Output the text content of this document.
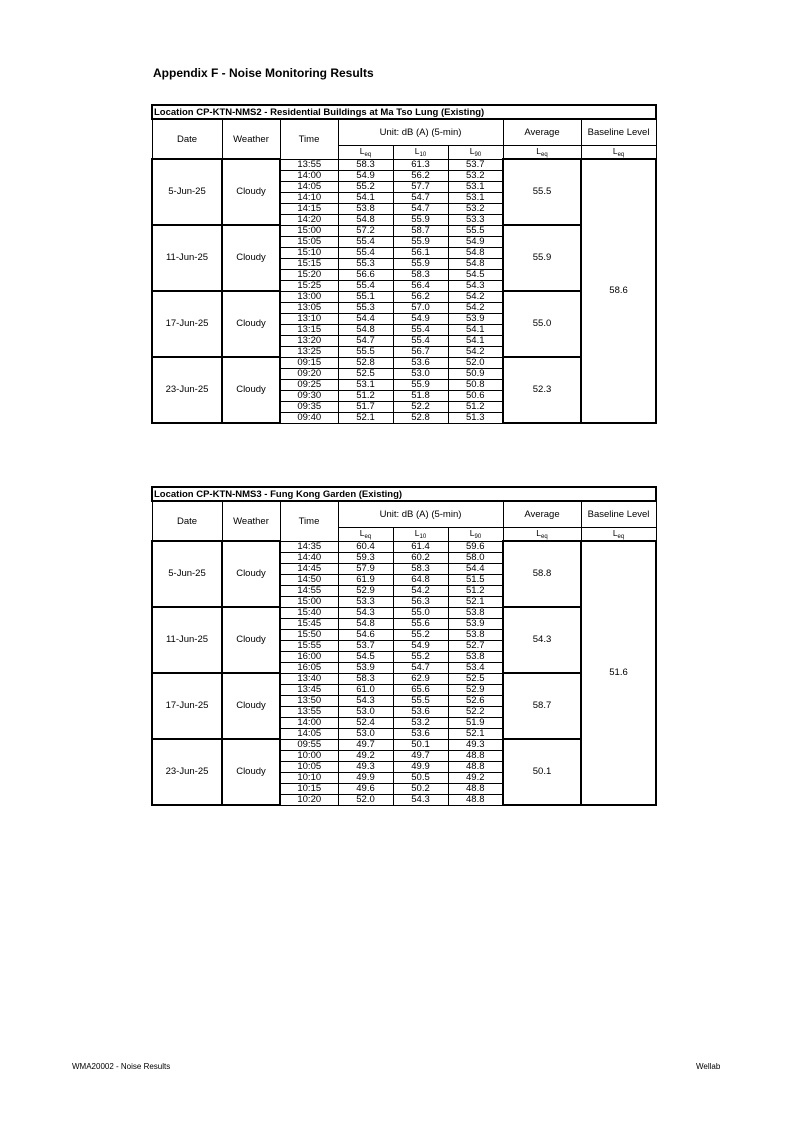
Appendix F - Noise Monitoring Results
Location CP-KTN-NMS2 - Residential Buildings at Ma Tso Lung (Existing)							
Date	Weather	Time	Unit: dB (A) (5-min)			Average	Baseline Level
			$L_{eq}$	$L_{10}$	$L_{90}$	$L_{eq}$	$L_{eq}$
5-Jun-25	Cloudy	13:55	58.3	61.3	53.7	55.5	58.6
		14:00	54.9	56.2	53.2		
		14:05	55.2	57.7	53.1		
		14:10	54.1	54.7	53.1		
		14:15	53.8	54.7	53.2		
		14:20	54.8	55.9	53.3		
11-Jun-25	Cloudy	15:00	57.2	58.7	55.5	55.9	
		15:05	55.4	55.9	54.9		
		15:10	55.4	56.1	54.8		
		15:15	55.3	55.9	54.8		
		15:20	56.6	58.3	54.5		
		15:25	55.4	56.4	54.3		
17-Jun-25	Cloudy	13:00	55.1	56.2	54.2	55.0	
		13:05	55.3	57.0	54.2		
		13:10	54.4	54.9	53.9		
		13:15	54.8	55.4	54.1		
		13:20	54.7	55.4	54.1		
		13:25	55.5	56.7	54.2		
23-Jun-25	Cloudy	09:15	52.8	53.6	52.0	52.3	
		09:20	52.5	53.0	50.9		
		09:25	53.1	55.9	50.8		
		09:30	51.2	51.8	50.6		
		09:35	51.7	52.2	51.2		
		09:40	52.1	52.8	51.3		
Location CP-KTN-NMS3 - Fung Kong Garden (Existing)							
Date	Weather	Time	Unit: dB (A) (5-min)			Average	Baseline Level
			$L_{eq}$	$L_{10}$	$L_{90}$	$L_{eq}$	$L_{eq}$
5-Jun-25	Cloudy	14:35	60.4	61.4	59.6	58.8	51.6
		14:40	59.3	60.2	58.0		
		14:45	57.9	58.3	54.4		
		14:50	61.9	64.8	51.5		
		14:55	52.9	54.2	51.2		
		15:00	53.3	56.3	52.1		
11-Jun-25	Cloudy	15:40	54.3	55.0	53.8	54.3	
		15:45	54.8	55.6	53.9		
		15:50	54.6	55.2	53.8		
		15:55	53.7	54.9	52.7		
		16:00	54.5	55.2	53.8		
		16:05	53.9	54.7	53.4		
17-Jun-25	Cloudy	13:40	58.3	62.9	52.5	58.7	
		13:45	61.0	65.6	52.9		
		13:50	54.3	55.5	52.6		
		13:55	53.0	53.6	52.2		
		14:00	52.4	53.2	51.9		
		14:05	53.0	53.6	52.1		
23-Jun-25	Cloudy	09:55	49.7	50.1	49.3	50.1	
		10:00	49.2	49.7	48.8		
		10:05	49.3	49.9	48.8		
		10:10	49.9	50.5	49.2		
		10:15	49.6	50.2	48.8		
		10:20	52.0	54.3	48.8		
WMA20002 - Noise Results	Wellab
